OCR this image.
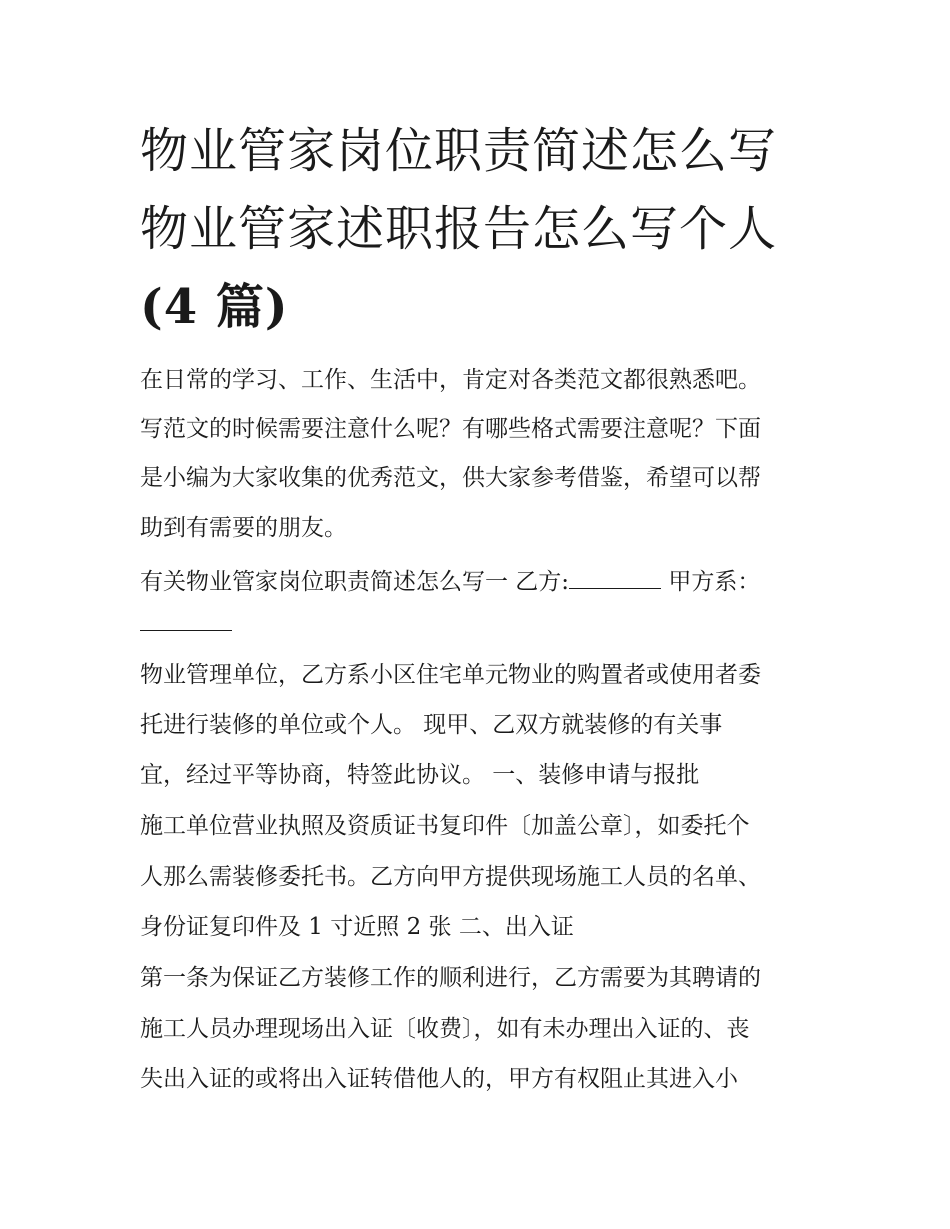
物业管家岗位职责简述怎么写
物业管家述职报告怎么写个人
(4 篇)
在日常的学习、工作、生活中，肯定对各类范文都很熟悉吧。
写范文的时候需要注意什么呢？有哪些格式需要注意呢？下面
是小编为大家收集的优秀范文，供大家参考借鉴，希望可以帮
助到有需要的朋友。
有关物业管家岗位职责简述怎么写一 乙方:	甲方系：
物业管理单位，乙方系小区住宅单元物业的购置者或使用者委
托进行装修的单位或个人。 现甲、乙双方就装修的有关事
宜，经过平等协商，特签此协议。 一、装修申请与报批
施工单位营业执照及资质证书复印件〔加盖公章〕，如委托个
人那么需装修委托书。乙方向甲方提供现场施工人员的名单、
身份证复印件及 1 寸近照 2 张 二、出入证
第一条为保证乙方装修工作的顺利进行，乙方需要为其聘请的
施工人员办理现场出入证〔收费〕，如有未办理出入证的、丧
失出入证的或将出入证转借他人的，甲方有权阻止其进入小
